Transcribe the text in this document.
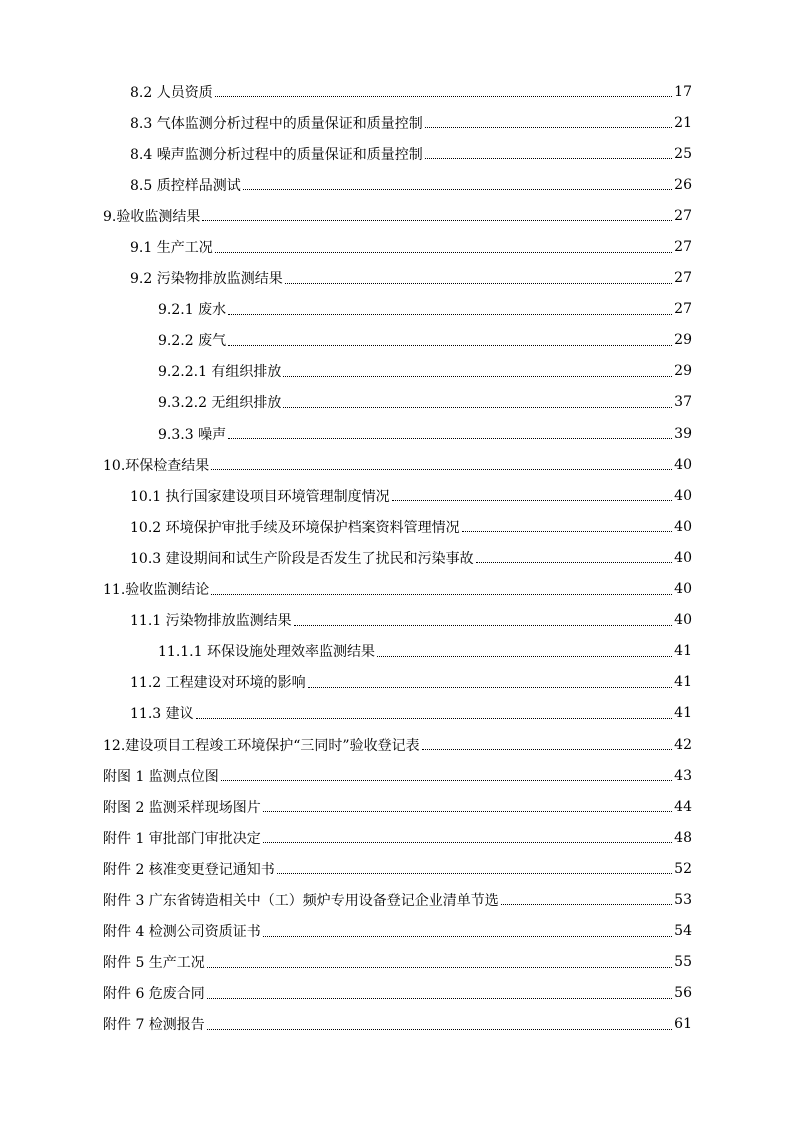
8.2 人员资质	17
8.3 气体监测分析过程中的质量保证和质量控制	21
8.4 噪声监测分析过程中的质量保证和质量控制	25
8.5 质控样品测试	26
9.验收监测结果	27
9.1 生产工况	27
9.2 污染物排放监测结果	27
9.2.1 废水	27
9.2.2 废气	29
9.2.2.1 有组织排放	29
9.3.2.2 无组织排放	37
9.3.3 噪声	39
10.环保检查结果	40
10.1 执行国家建设项目环境管理制度情况	40
10.2 环境保护审批手续及环境保护档案资料管理情况	40
10.3 建设期间和试生产阶段是否发生了扰民和污染事故	40
11.验收监测结论	40
11.1 污染物排放监测结果	40
11.1.1 环保设施处理效率监测结果	41
11.2 工程建设对环境的影响	41
11.3 建议	41
12.建设项目工程竣工环境保护“三同时”验收登记表	42
附图 1 监测点位图	43
附图 2 监测采样现场图片	44
附件 1 审批部门审批决定	48
附件 2 核准变更登记通知书	52
附件 3 广东省铸造相关中（工）频炉专用设备登记企业清单节选	53
附件 4 检测公司资质证书	54
附件 5 生产工况	55
附件 6 危废合同	56
附件 7 检测报告	61
